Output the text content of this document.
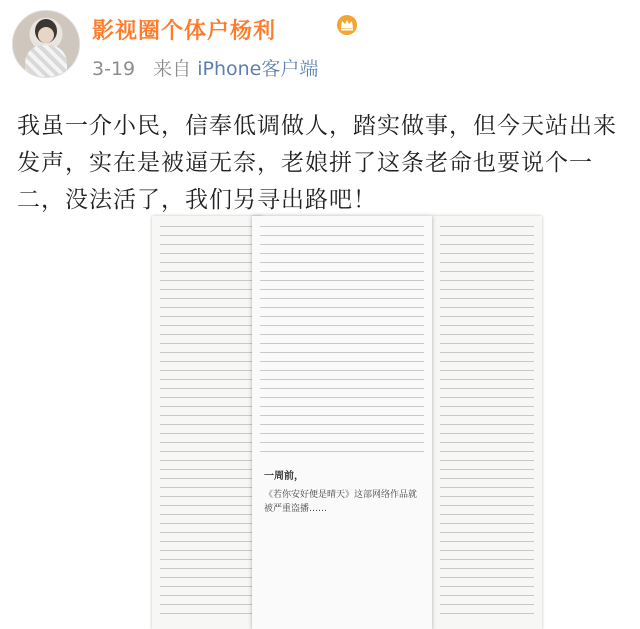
影视圈个体户杨利
3-19 来自 iPhone客户端
我虽一介小民，信奉低调做人，踏实做事，但今天站出来发声，实在是被逼无奈，老娘拼了这条老命也要说个一二，没法活了，我们另寻出路吧！
一周前，
《若你安好便是晴天》这部网络作品就被严重盗播……
